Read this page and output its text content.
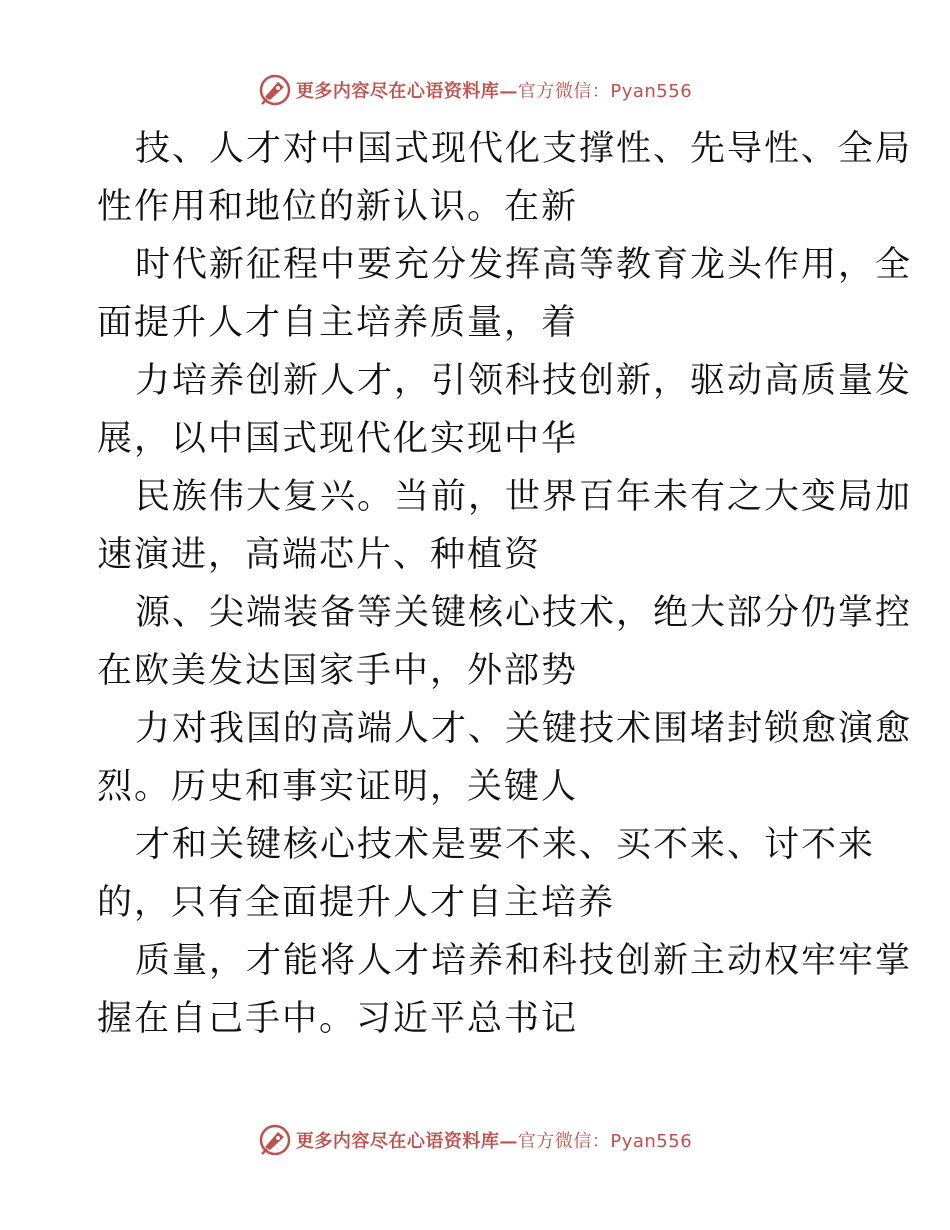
更多内容尽在心语资料库—官方微信：Pyan556

技、人才对中国式现代化支撑性、先导性、全局
性作用和地位的新认识。在新

时代新征程中要充分发挥高等教育龙头作用，全
面提升人才自主培养质量，着

力培养创新人才，引领科技创新，驱动高质量发
展，以中国式现代化实现中华

民族伟大复兴。当前，世界百年未有之大变局加
速演进，高端芯片、种植资

源、尖端装备等关键核心技术，绝大部分仍掌控
在欧美发达国家手中，外部势

力对我国的高端人才、关键技术围堵封锁愈演愈
烈。历史和事实证明，关键人

才和关键核心技术是要不来、买不来、讨不来
的，只有全面提升人才自主培养

质量，才能将人才培养和科技创新主动权牢牢掌
握在自己手中。习近平总书记

更多内容尽在心语资料库—官方微信：Pyan556
